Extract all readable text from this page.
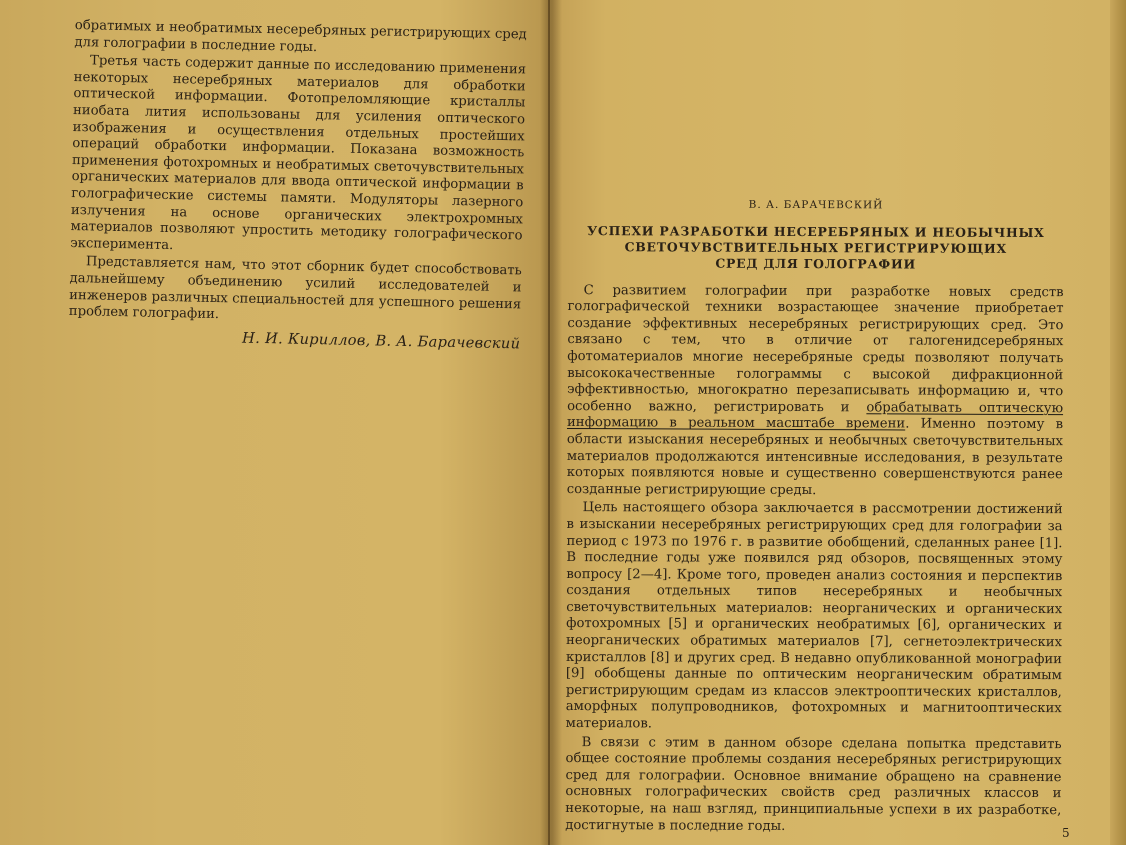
обратимых и необратимых несеребряных регистрирующих сред для голографии в последние годы.

Третья часть содержит данные по исследованию применения некоторых несеребряных материалов для обработки оптической информации. Фотопреломляющие кристаллы ниобата лития использованы для усиления оптического изображения и осуществления отдельных простейших операций обработки информации. Показана возможность применения фотохромных и необратимых светочувствительных органических материалов для ввода оптической информации в голографические системы памяти. Модуляторы лазерного излучения на основе органических электрохромных материалов позволяют упростить методику голографического эксперимента.

Представляется нам, что этот сборник будет способствовать дальнейшему объединению усилий исследователей и инженеров различных специальностей для успешного решения проблем голографии.

Н. И. Кириллов, В. А. Барачевский

В. А. БАРАЧЕВСКИЙ

УСПЕХИ РАЗРАБОТКИ НЕСЕРЕБРЯНЫХ И НЕОБЫЧНЫХ
СВЕТОЧУВСТВИТЕЛЬНЫХ РЕГИСТРИРУЮЩИХ
СРЕД ДЛЯ ГОЛОГРАФИИ

С развитием голографии при разработке новых средств голографической техники возрастающее значение приобретает создание эффективных несеребряных регистрирующих сред. Это связано с тем, что в отличие от галогенидсеребряных фотоматериалов многие несеребряные среды позволяют получать высококачественные голограммы с высокой дифракционной эффективностью, многократно перезаписывать информацию и, что особенно важно, регистрировать и обрабатывать оптическую информацию в реальном масштабе времени. Именно поэтому в области изыскания несеребряных и необычных светочувствительных материалов продолжаются интенсивные исследования, в результате которых появляются новые и существенно совершенствуются ранее созданные регистрирующие среды.

Цель настоящего обзора заключается в рассмотрении достижений в изыскании несеребряных регистрирующих сред для голографии за период с 1973 по 1976 г. в развитие обобщений, сделанных ранее [1]. В последние годы уже появился ряд обзоров, посвященных этому вопросу [2—4]. Кроме того, проведен анализ состояния и перспектив создания отдельных типов несеребряных и необычных светочувствительных материалов: неорганических и органических фотохромных [5] и органических необратимых [6], органических и неорганических обратимых материалов [7], сегнетоэлектрических кристаллов [8] и других сред. В недавно опубликованной монографии [9] обобщены данные по оптическим неорганическим обратимым регистрирующим средам из классов электрооптических кристаллов, аморфных полупроводников, фотохромных и магнитооптических материалов.

В связи с этим в данном обзоре сделана попытка представить общее состояние проблемы создания несеребряных регистрирующих сред для голографии. Основное внимание обращено на сравнение основных голографических свойств сред различных классов и некоторые, на наш взгляд, принципиальные успехи в их разработке, достигнутые в последние годы.	5
